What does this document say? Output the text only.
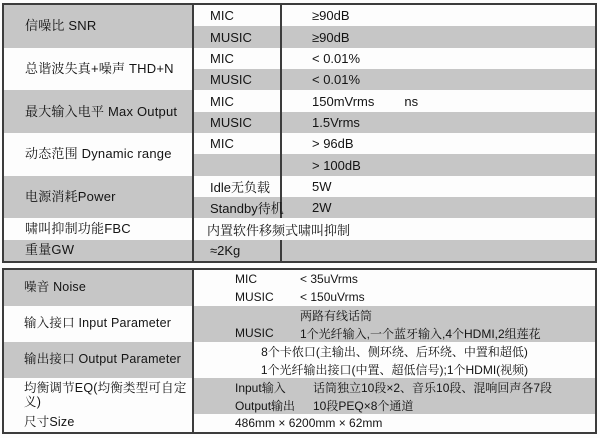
信噪比 SNR
MIC	≥90dB
MUSIC	≥90dB
总谐波失真+噪声 THD+N
MIC	< 0.01%
MUSIC	< 0.01%
最大输入电平 Max Output
MIC	150mVrms ns
MUSIC	1.5Vrms
动态范围 Dynamic range
MIC	> 96dB
> 100dB
电源消耗Power
Idle无负载	5W
Standby待机 2W
啸叫抑制功能FBC	内置软件移频式啸叫抑制
重量GW	≈2Kg
噪音 Noise
MIC	< 35uVrms
MUSIC	< 150uVrms
输入接口 Input Parameter
两路有线话筒
MUSIC	1个光纤输入,一个蓝牙输入,4个HDMI,2组莲花
输出接口 Output Parameter
8个卡侬口(主输出、侧环绕、后环绕、中置和超低)
1个光纤输出接口(中置、超低信号);1个HDMI(视频)
均衡调节EQ(均衡类型可自定义)
Input输入	话筒独立10段×2、音乐10段、混响回声各7段
Output输出	10段PEQ×8个通道
尺寸Size	486mm × 6200mm × 62mm
